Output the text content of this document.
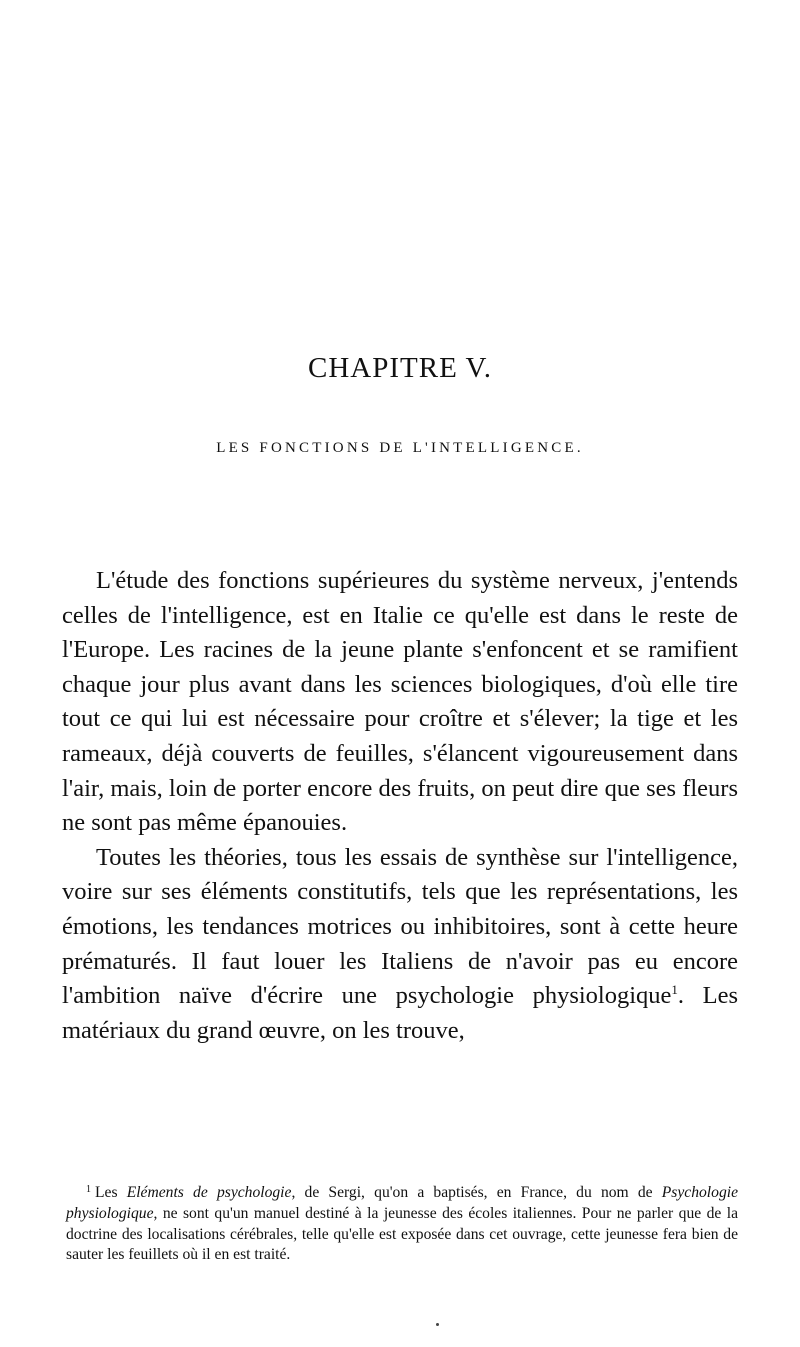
CHAPITRE V.
LES FONCTIONS DE L'INTELLIGENCE.

L'étude des fonctions supérieures du système nerveux, j'entends celles de l'intelligence, est en Italie ce qu'elle est dans le reste de l'Europe. Les racines de la jeune plante s'enfoncent et se ramifient chaque jour plus avant dans les sciences biologiques, d'où elle tire tout ce qui lui est nécessaire pour croître et s'élever; la tige et les rameaux, déjà couverts de feuilles, s'élancent vigoureusement dans l'air, mais, loin de porter encore des fruits, on peut dire que ses fleurs ne sont pas même épanouies.

Toutes les théories, tous les essais de synthèse sur l'intelligence, voire sur ses éléments constitutifs, tels que les représentations, les émotions, les tendances motrices ou inhibitoires, sont à cette heure prématurés. Il faut louer les Italiens de n'avoir pas eu encore l'ambition naïve d'écrire une psychologie physiologique$^1$. Les matériaux du grand œuvre, on les trouve,

$^1$ Les Eléments de psychologie, de Sergi, qu'on a baptisés, en France, du nom de Psychologie physiologique, ne sont qu'un manuel destiné à la jeunesse des écoles italiennes. Pour ne parler que de la doctrine des localisations cérébrales, telle qu'elle est exposée dans cet ouvrage, cette jeunesse fera bien de sauter les feuillets où il en est traité.
